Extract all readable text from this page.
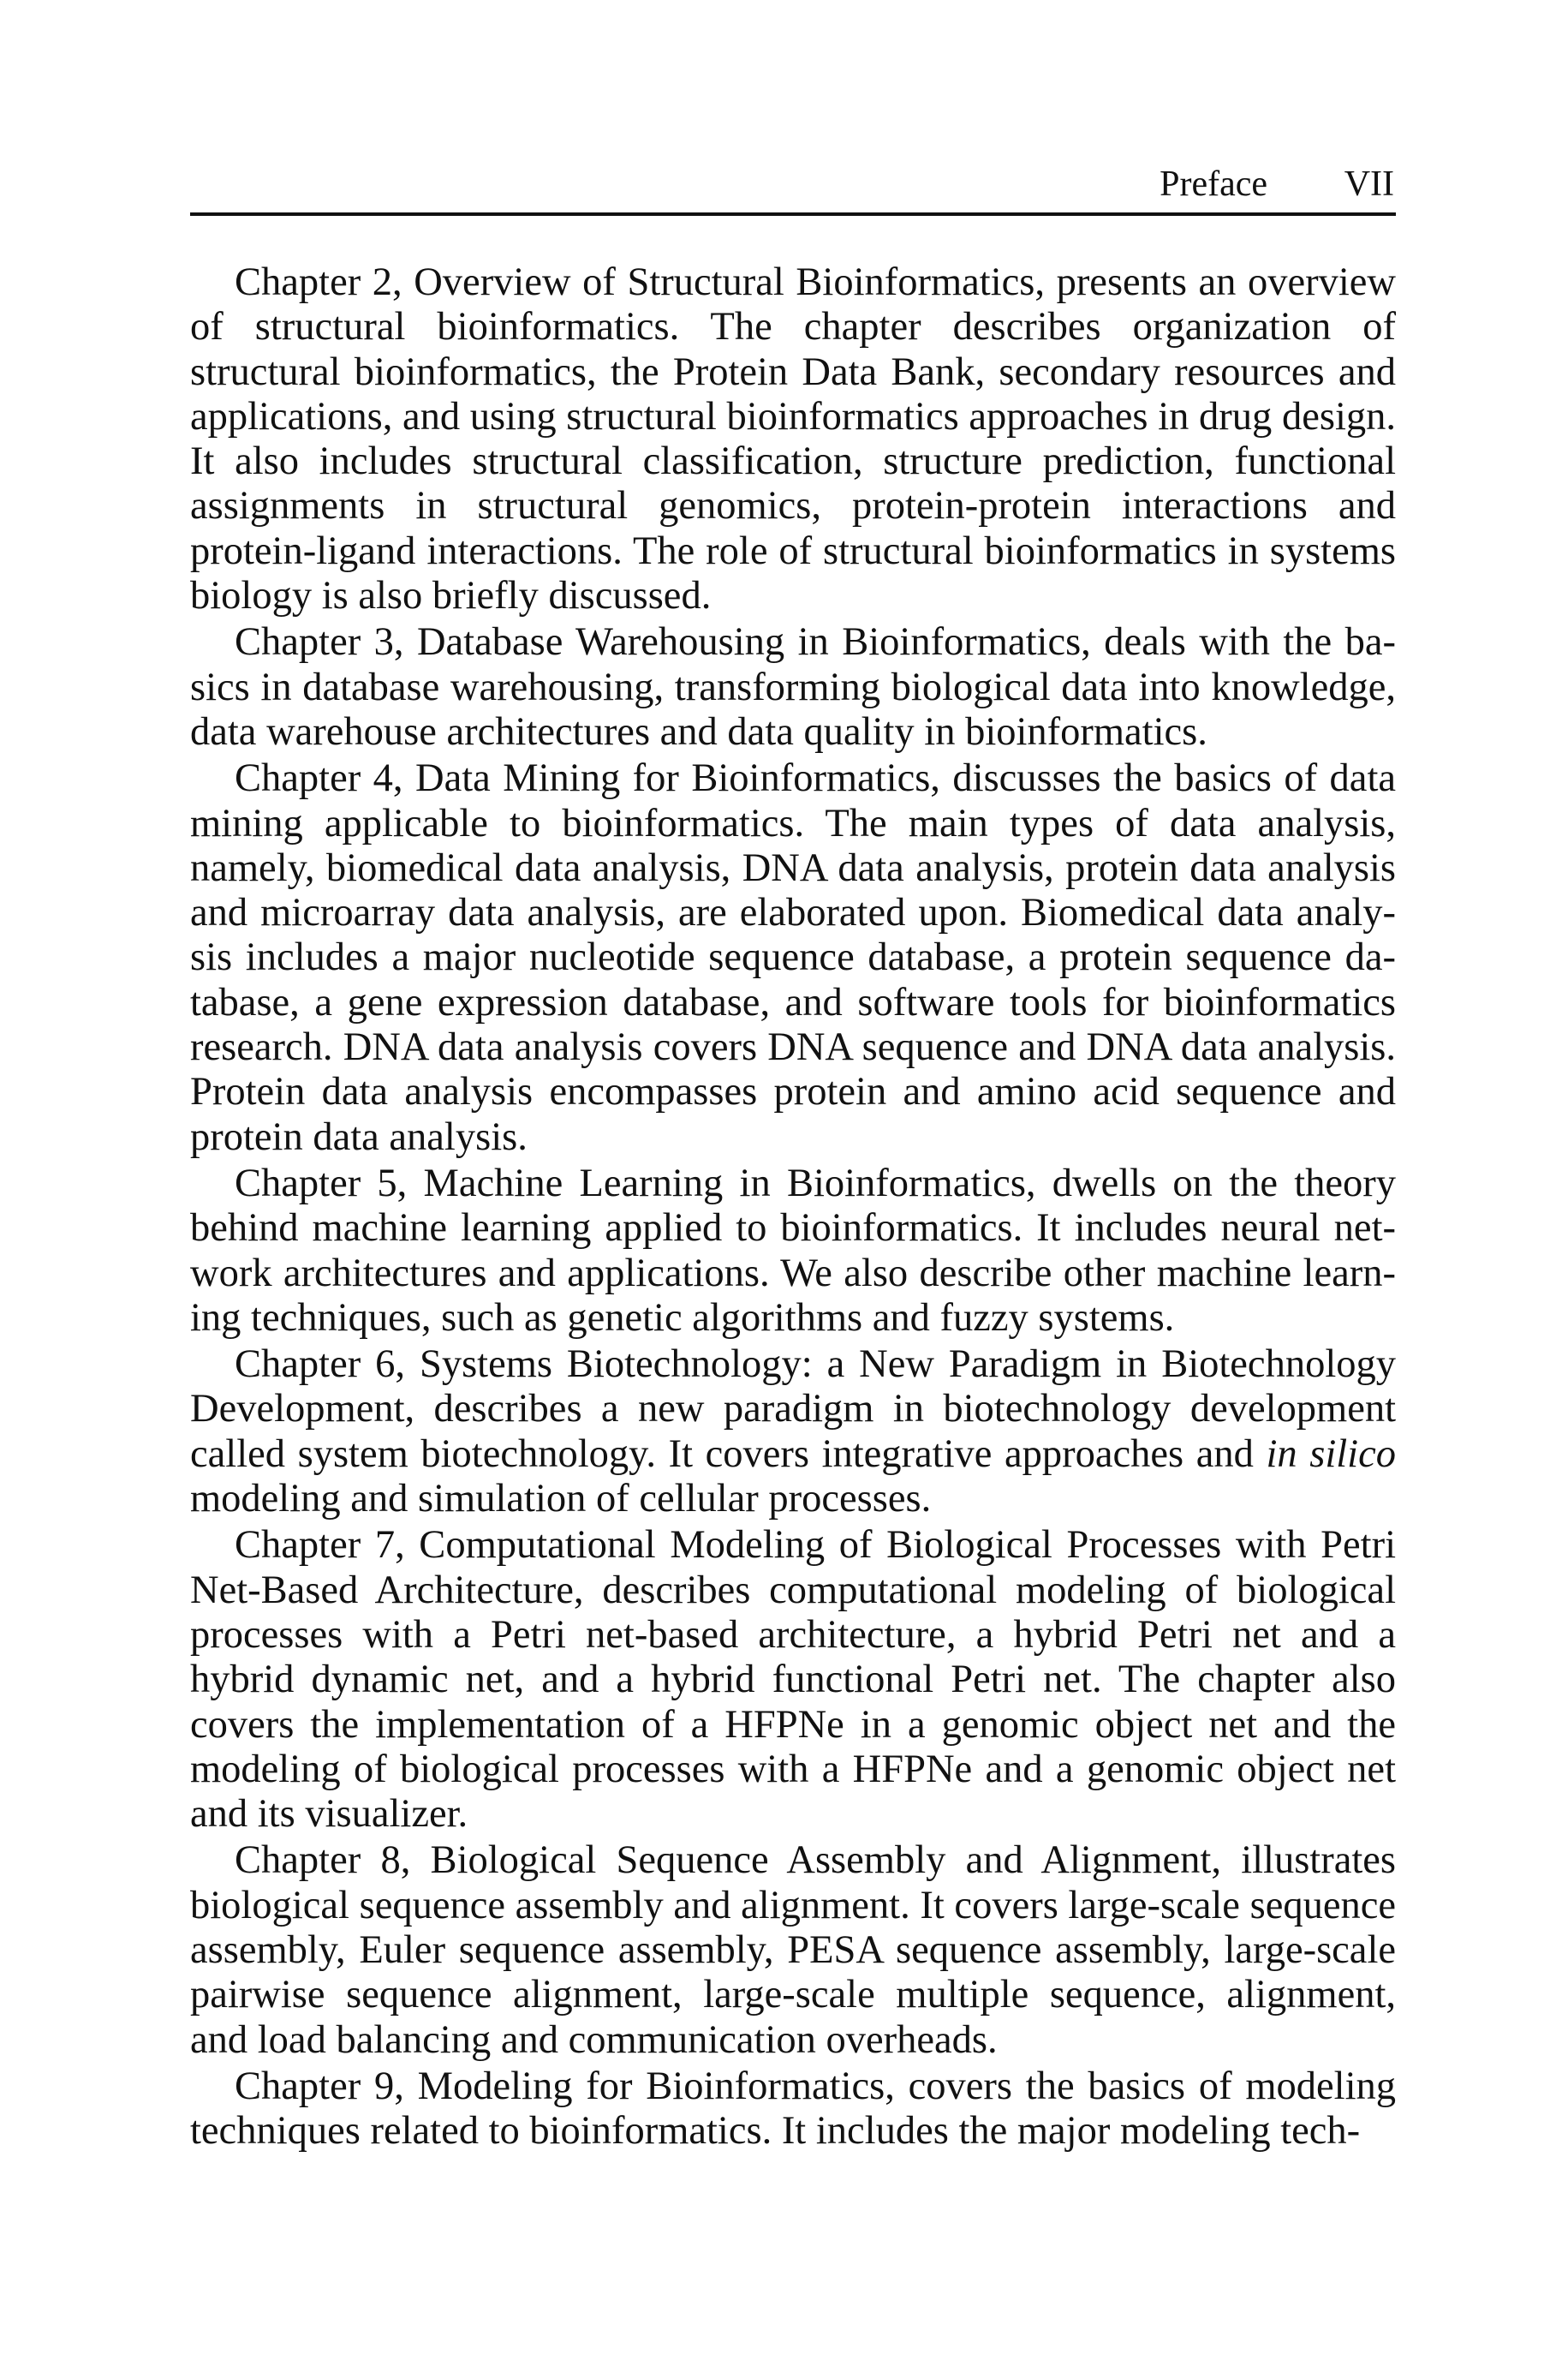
Preface VII

Chapter 2, Overview of Structural Bioinformatics, presents an overview of structural bioinformatics. The chapter describes organization of structural bioinformatics, the Protein Data Bank, secondary resources and applications, and using structural bioinformatics approaches in drug design. It also includes structural classification, structure prediction, functional assignments in structural genomics, protein-protein interactions and protein-ligand interactions. The role of structural bioinformatics in systems biology is also briefly discussed.

Chapter 3, Database Warehousing in Bioinformatics, deals with the basics in database warehousing, transforming biological data into knowledge, data warehouse architectures and data quality in bioinformatics.

Chapter 4, Data Mining for Bioinformatics, discusses the basics of data mining applicable to bioinformatics. The main types of data analysis, namely, biomedical data analysis, DNA data analysis, protein data analysis and microarray data analysis, are elaborated upon. Biomedical data analysis includes a major nucleotide sequence database, a protein sequence database, a gene expression database, and software tools for bioinformatics research. DNA data analysis covers DNA sequence and DNA data analysis. Protein data analysis encompasses protein and amino acid sequence and protein data analysis.

Chapter 5, Machine Learning in Bioinformatics, dwells on the theory behind machine learning applied to bioinformatics. It includes neural network architectures and applications. We also describe other machine learning techniques, such as genetic algorithms and fuzzy systems.

Chapter 6, Systems Biotechnology: a New Paradigm in Biotechnology Development, describes a new paradigm in biotechnology development called system biotechnology. It covers integrative approaches and in silico modeling and simulation of cellular processes.

Chapter 7, Computational Modeling of Biological Processes with Petri Net-Based Architecture, describes computational modeling of biological processes with a Petri net-based architecture, a hybrid Petri net and a hybrid dynamic net, and a hybrid functional Petri net. The chapter also covers the implementation of a HFPNe in a genomic object net and the modeling of biological processes with a HFPNe and a genomic object net and its visualizer.

Chapter 8, Biological Sequence Assembly and Alignment, illustrates biological sequence assembly and alignment. It covers large-scale sequence assembly, Euler sequence assembly, PESA sequence assembly, large-scale pairwise sequence alignment, large-scale multiple sequence, alignment, and load balancing and communication overheads.

Chapter 9, Modeling for Bioinformatics, covers the basics of modeling techniques related to bioinformatics. It includes the major modeling tech-
